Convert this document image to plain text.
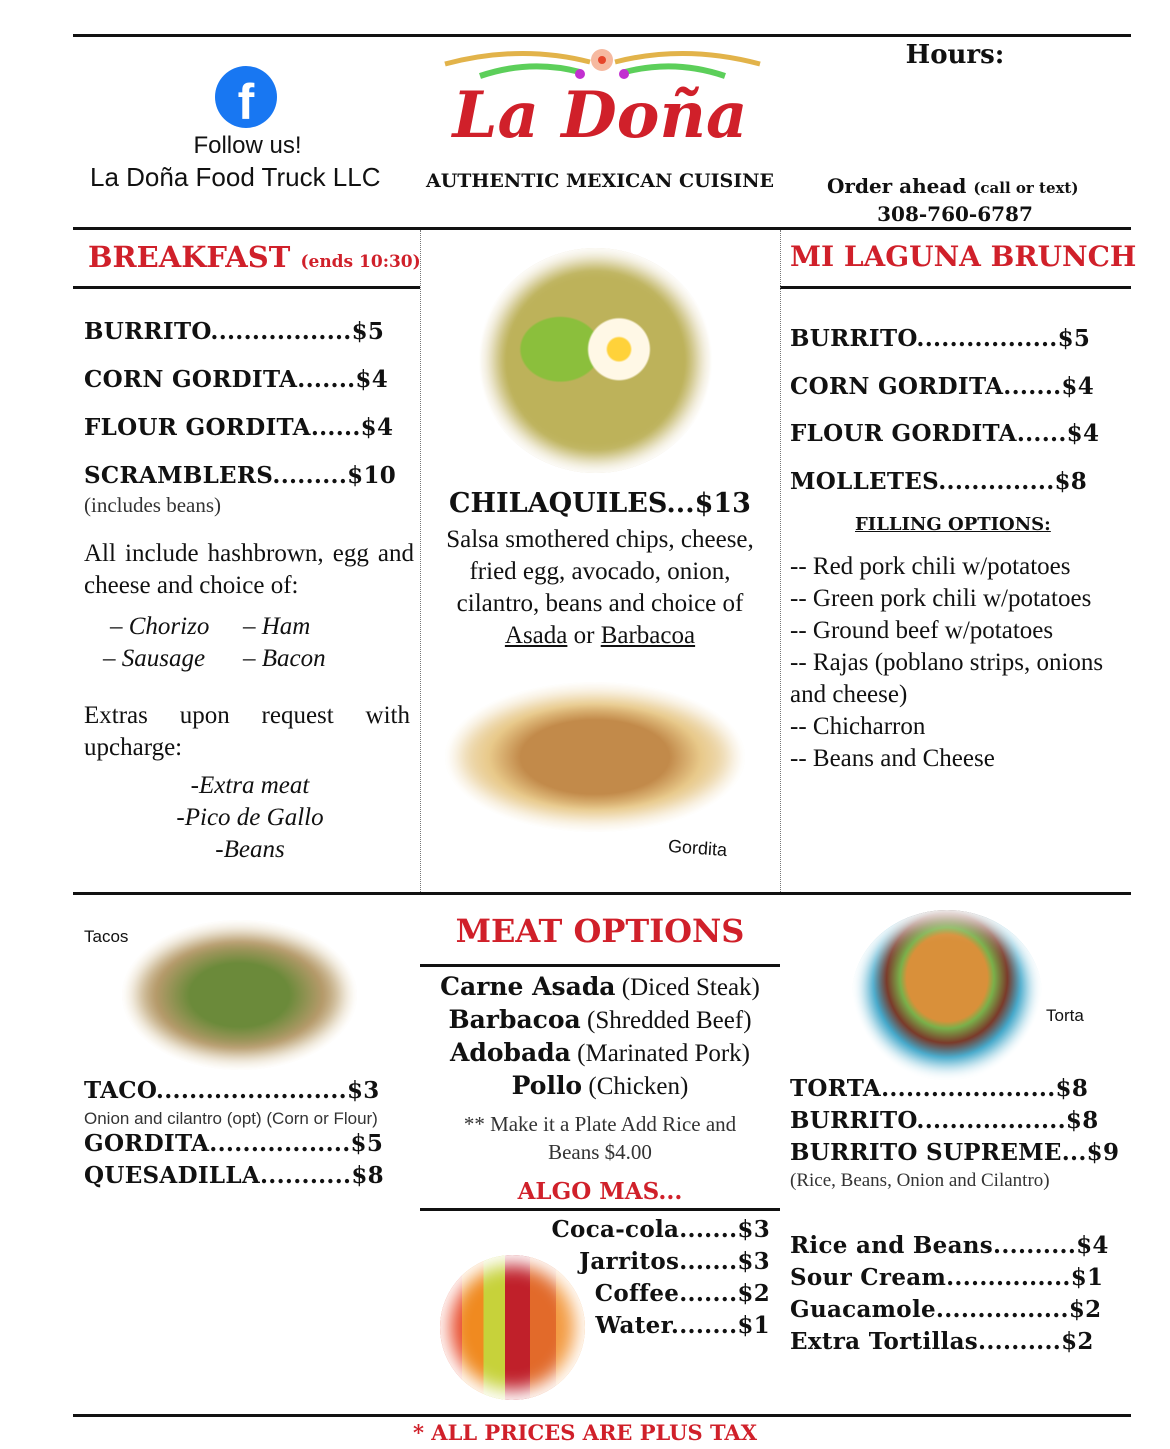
f
Follow us!
La Doña Food Truck LLC
La Doña
AUTHENTIC MEXICAN CUISINE
Hours:
Order ahead (call or text)
308-760-6787
BREAKFAST (ends 10:30)
BURRITO.................$5
CORN GORDITA.......$4
FLOUR GORDITA......$4
SCRAMBLERS.........$10
(includes beans)
All include hashbrown, egg and cheese and choice of:
– Chorizo – Ham
– Sausage – Bacon
Extras upon request with upcharge:
-Extra meat
-Pico de Gallo
-Beans
CHILAQUILES...$13
Salsa smothered chips, cheese, fried egg, avocado, onion, cilantro, beans and choice of Asada or Barbacoa
Gordita
MI LAGUNA BRUNCH
BURRITO.................$5
CORN GORDITA.......$4
FLOUR GORDITA......$4
MOLLETES..............$8
FILLING OPTIONS:
-- Red pork chili w/potatoes
-- Green pork chili w/potatoes
-- Ground beef w/potatoes
-- Rajas (poblano strips, onions and cheese)
-- Chicharron
-- Beans and Cheese
Tacos
TACO.......................$3
Onion and cilantro (opt) (Corn or Flour)
GORDITA.................$5
QUESADILLA...........$8
MEAT OPTIONS
Carne Asada (Diced Steak)
Barbacoa (Shredded Beef)
Adobada (Marinated Pork)
Pollo (Chicken)
** Make it a Plate Add Rice and Beans $4.00
ALGO MAS...
Coca-cola.......$3
Jarritos.......$3
Coffee.......$2
Water........$1
Torta
TORTA.....................$8
BURRITO..................$8
BURRITO SUPREME...$9
(Rice, Beans, Onion and Cilantro)
Rice and Beans..........$4
Sour Cream...............$1
Guacamole................$2
Extra Tortillas..........$2
* ALL PRICES ARE PLUS TAX
